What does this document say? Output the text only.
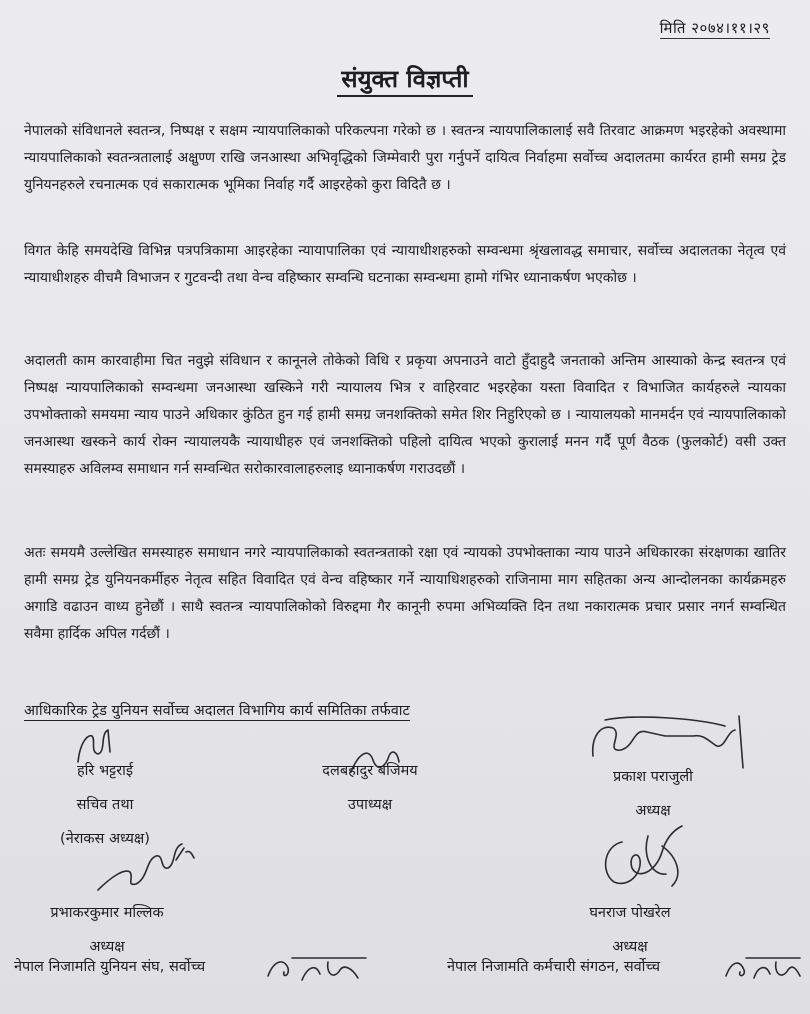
मिति २०७४।११।२९
संयुक्त विज्ञप्ती

नेपालको संविधानले स्वतन्त्र, निष्पक्ष र सक्षम न्यायपालिकाको परिकल्पना गरेको छ । स्वतन्त्र न्यायपालिकालाई सवै तिरवाट आक्रमण भइरहेको अवस्थामा न्यायपालिकाको स्वतन्त्रतालाई अक्षुण्ण राखि जनआस्था अभिवृद्धिको जिम्मेवारी पुरा गर्नुपर्ने दायित्व निर्वाहमा सर्वोच्च अदालतमा कार्यरत हामी समग्र ट्रेड युनियनहरुले रचनात्मक एवं सकारात्मक भूमिका निर्वाह गर्दै आइरहेको कुरा विदितै छ ।

विगत केहि समयदेखि विभिन्न पत्रपत्रिकामा आइरहेका न्यायापालिका एवं न्यायाधीशहरुको सम्वन्धमा श्रृंखलावद्ध समाचार, सर्वोच्च अदालतका नेतृत्व एवं न्यायाधीशहरु वीचमै विभाजन र गुटवन्दी तथा वेन्च वहिष्कार सम्वन्धि घटनाका सम्वन्धमा हामो गंभिर ध्यानाकर्षण भएकोछ ।

अदालती काम कारवाहीमा चित नवुझे संविधान र कानूनले तोकेको विधि र प्रकृया अपनाउने वाटो हुँदाहुदै जनताको अन्तिम आस्याको केन्द्र स्वतन्त्र एवं निष्पक्ष न्यायपालिकाको सम्वन्धमा जनआस्था खस्किने गरी न्यायालय भित्र र वाहिरवाट भइरहेका यस्ता विवादित र विभाजित कार्यहरुले न्यायका उपभोक्ताको समयमा न्याय पाउने अधिकार कुंठित हुन गई हामी समग्र जनशक्तिको समेत शिर निहुरिएको छ । न्यायालयको मानमर्दन एवं न्यायपालिकाको जनआस्था खस्कने कार्य रोक्न न्यायालयकै न्यायाधीहरु एवं जनशक्तिको पहिलो दायित्व भएको कुरालाई मनन गर्दै पूर्ण वैठक (फुलकोर्ट) वसी उक्त समस्याहरु अविलम्व समाधान गर्न सम्वन्धित सरोकारवालाहरुलाइ ध्यानाकर्षण गराउदछौं ।

अतः समयमै उल्लेखित समस्याहरु समाधान नगरे न्यायपालिकाको स्वतन्त्रताको रक्षा एवं न्यायको उपभोक्ताका न्याय पाउने अधिकारका संरक्षणका खातिर हामी समग्र ट्रेड युनियनकर्मीहरु नेतृत्व सहित विवादित एवं वेन्च वहिष्कार गर्ने न्यायाधिशहरुको राजिनामा माग सहितका अन्य आन्दोलनका कार्यक्रमहरु अगाडि वढाउन वाध्य हुनेछौं । साथै स्वतन्त्र न्यायपालिकोको विरुद्दमा गैर कानूनी रुपमा अभिव्यक्ति दिन तथा नकारात्मक प्रचार प्रसार नगर्न सम्वन्धित सवैमा हार्दिक अपिल गर्दछौं ।

आधिकारिक ट्रेड युनियन सर्वोच्च अदालत विभागिय कार्य समितिका तर्फवाट
हरि भट्टराई
सचिव तथा
(नेराकस अध्यक्ष)
दलबहादुर बजिमय
उपाध्यक्ष
प्रकाश पराजुली
अध्यक्ष
प्रभाकरकुमार मल्लिक
अध्यक्ष
घनराज पोखरेल
अध्यक्ष
नेपाल निजामति युनियन संघ, सर्वोच्च	नेपाल निजामति कर्मचारी संगठन, सर्वोच्च
